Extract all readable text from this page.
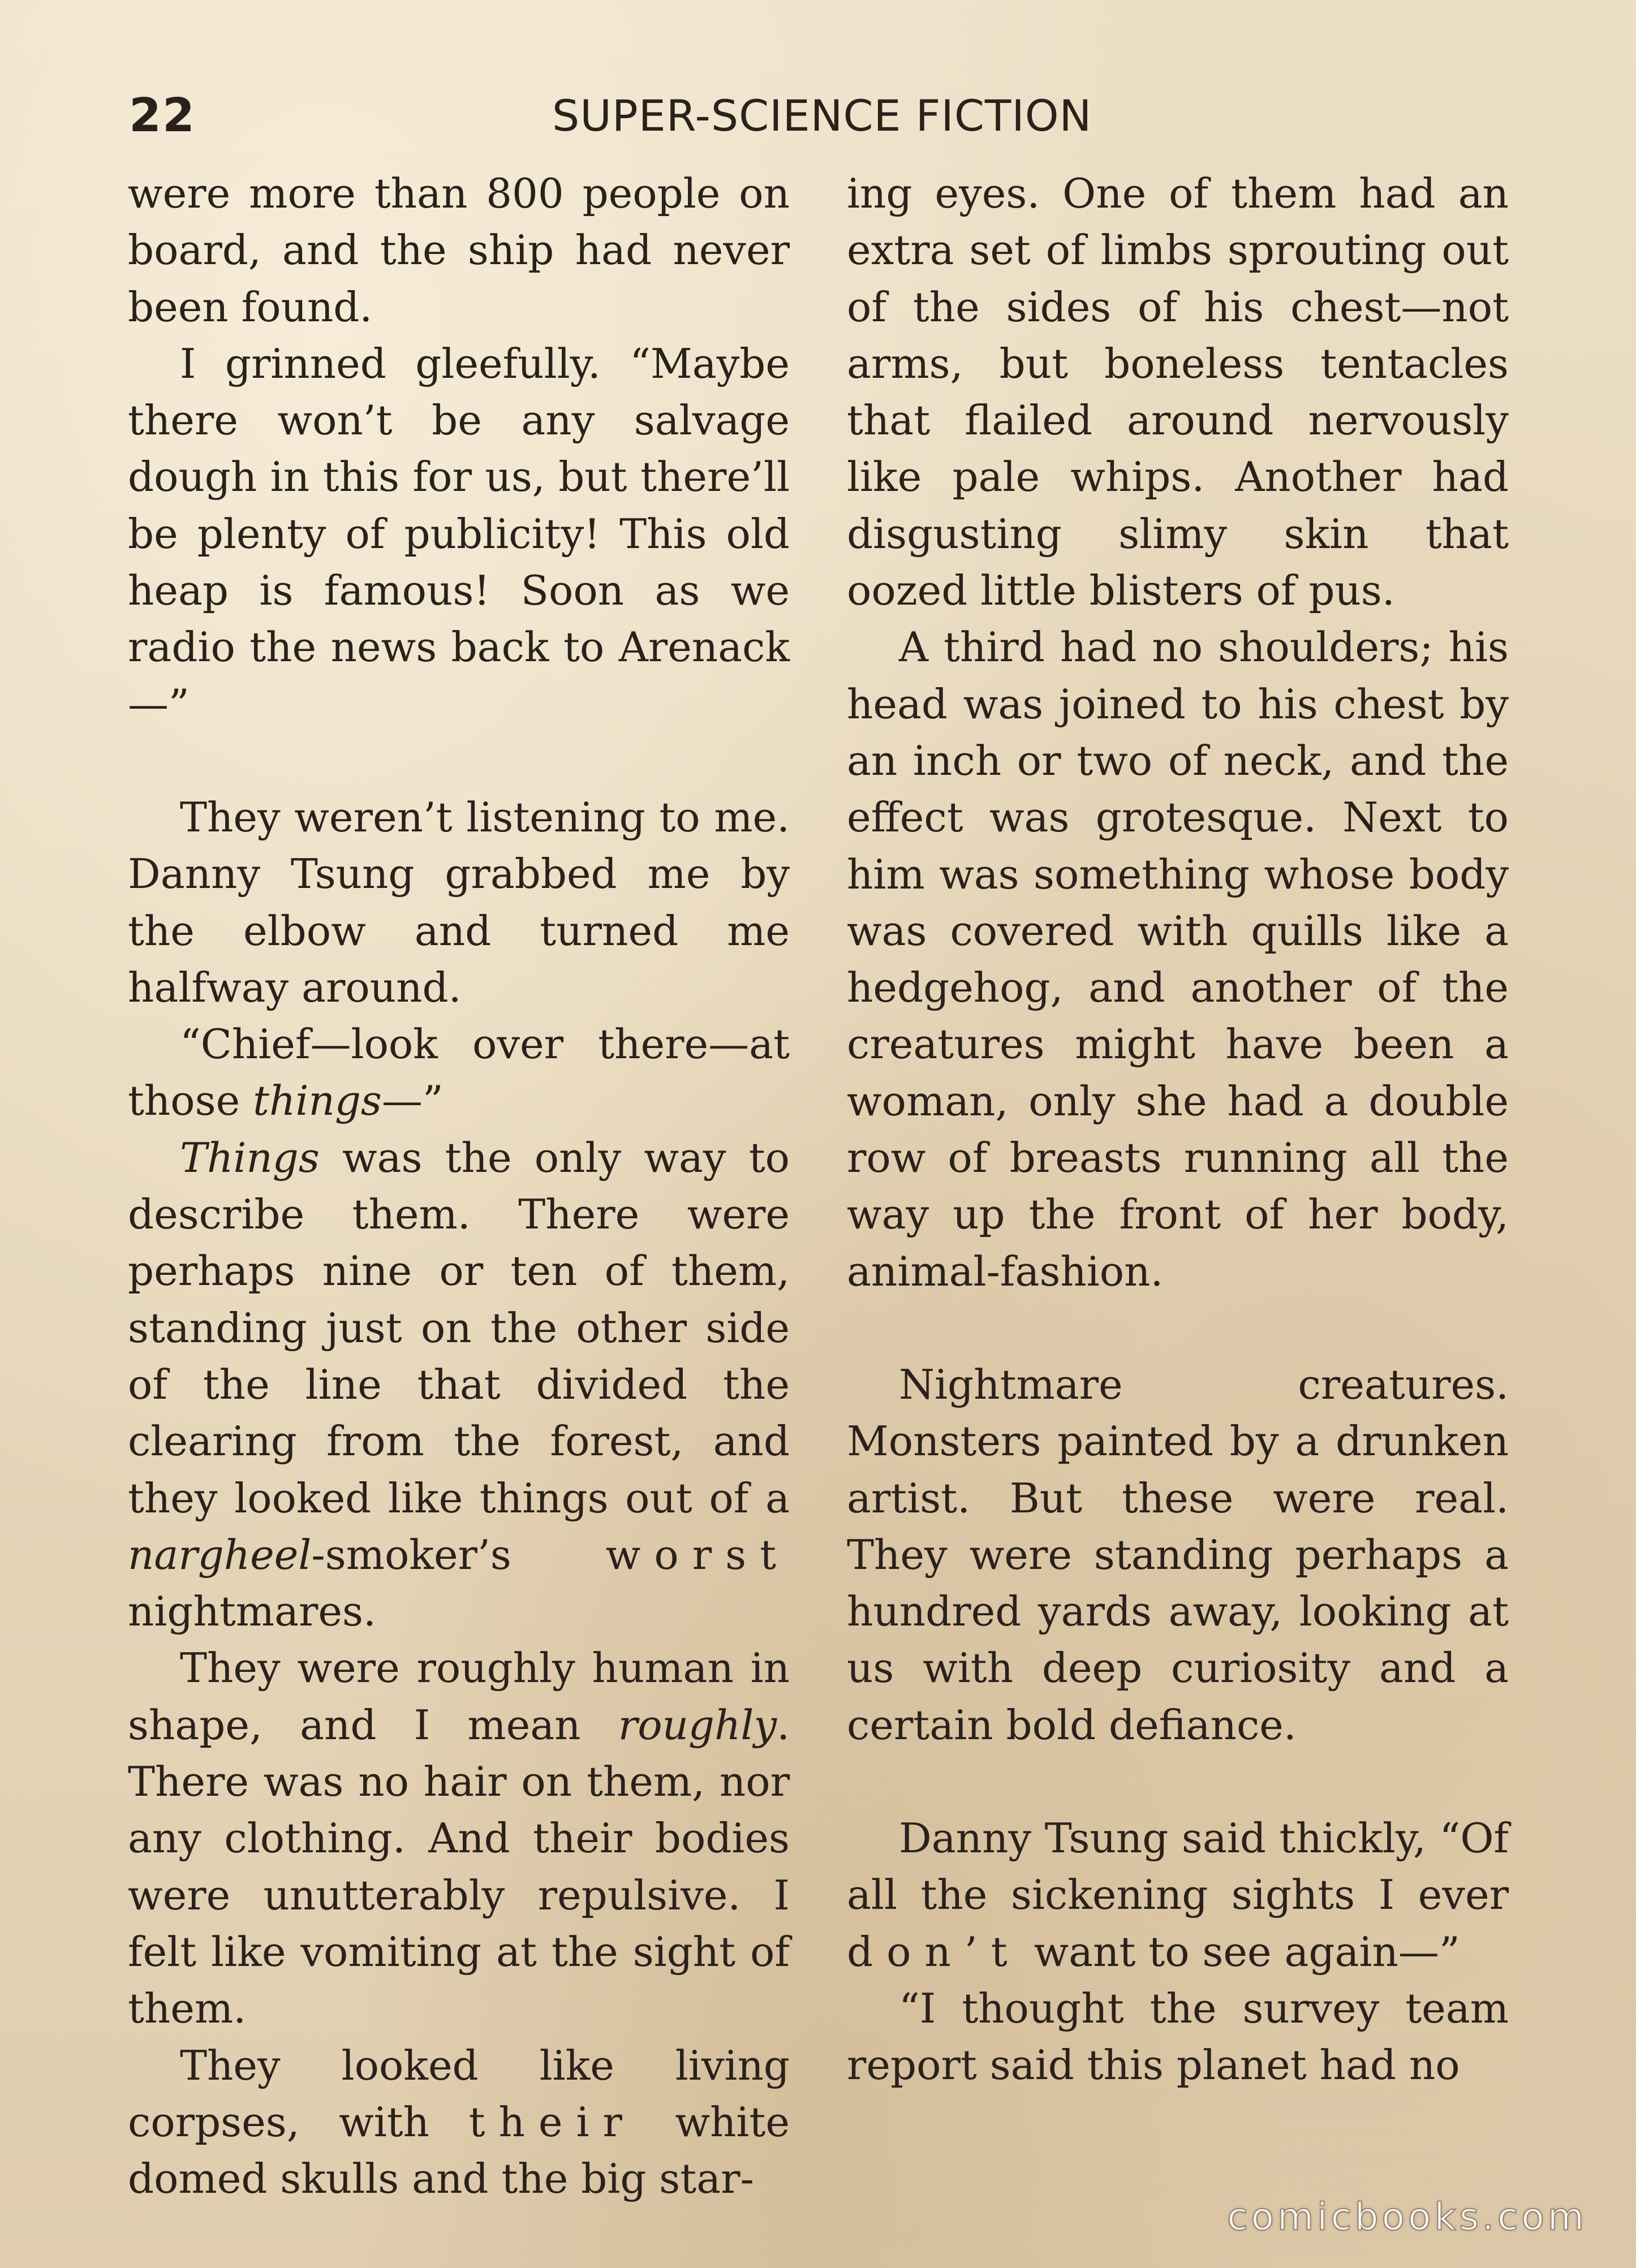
22	SUPER-SCIENCE FICTION

were more than 800 people on board, and the ship had never been found.

I grinned gleefully. “Maybe there won’t be any salvage dough in this for us, but there’ll be plenty of publicity! This old heap is famous! Soon as we radio the news back to Arenack—”

They weren’t listening to me. Danny Tsung grabbed me by the elbow and turned me halfway around.

“Chief—look over there—at those things—”

Things was the only way to describe them. There were perhaps nine or ten of them, standing just on the other side of the line that divided the clearing from the forest, and they looked like things out of a nargheel-smoker’s worst nightmares.

They were roughly human in shape, and I mean roughly. There was no hair on them, nor any clothing. And their bodies were unutterably repulsive. I felt like vomiting at the sight of them.

They looked like living corpses, with their white domed skulls and the big star-

ing eyes. One of them had an extra set of limbs sprouting out of the sides of his chest—not arms, but boneless tentacles that flailed around nervously like pale whips. Another had disgusting slimy skin that oozed little blisters of pus.

A third had no shoulders; his head was joined to his chest by an inch or two of neck, and the effect was grotesque. Next to him was something whose body was covered with quills like a hedgehog, and another of the creatures might have been a woman, only she had a double row of breasts running all the way up the front of her body, animal-fashion.

Nightmare creatures. Monsters painted by a drunken artist. But these were real. They were standing perhaps a hundred yards away, looking at us with deep curiosity and a certain bold defiance.

Danny Tsung said thickly, “Of all the sickening sights I ever don’t want to see again—”

“I thought the survey team report said this planet had no

comicbooks.com
